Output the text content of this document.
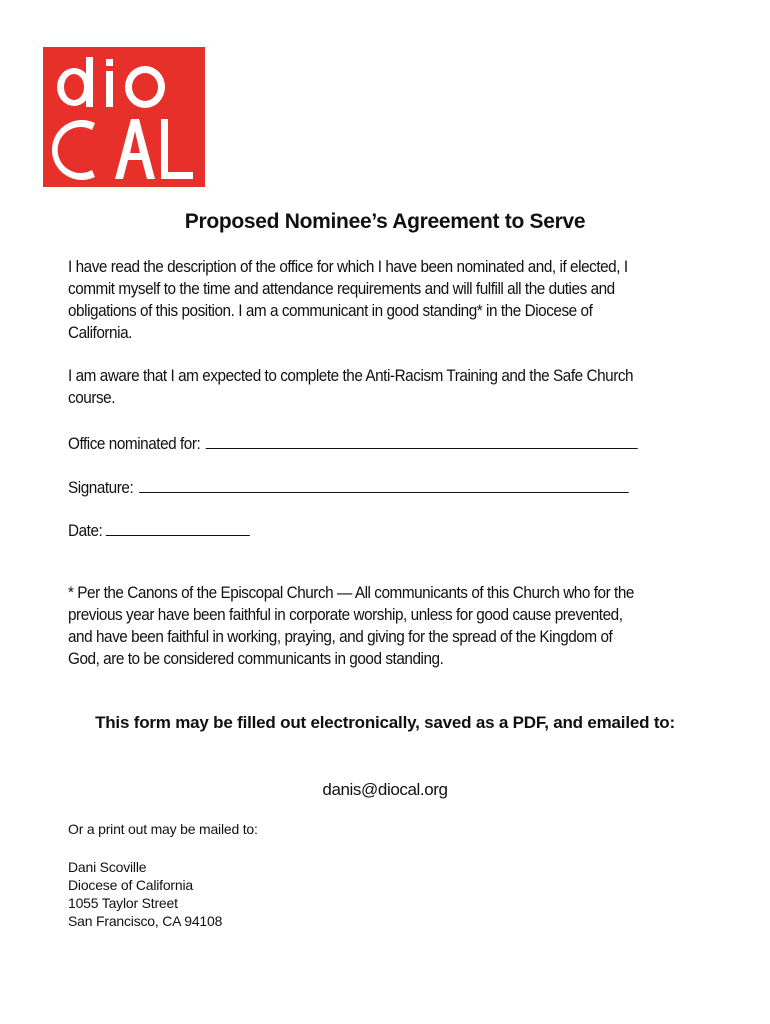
Proposed Nominee’s Agreement to Serve

I have read the description of the office for which I have been nominated and, if elected, I commit myself to the time and attendance requirements and will fulfill all the duties and obligations of this position. I am a communicant in good standing* in the Diocese of California.

I am aware that I am expected to complete the Anti-Racism Training and the Safe Church course.

Office nominated for:
Signature:
Date:

* Per the Canons of the Episcopal Church — All communicants of this Church who for the previous year have been faithful in corporate worship, unless for good cause prevented, and have been faithful in working, praying, and giving for the spread of the Kingdom of God, are to be considered communicants in good standing.

This form may be filled out electronically, saved as a PDF, and emailed to:

danis@diocal.org

Or a print out may be mailed to:

Dani Scoville
Diocese of California
1055 Taylor Street
San Francisco, CA 94108
